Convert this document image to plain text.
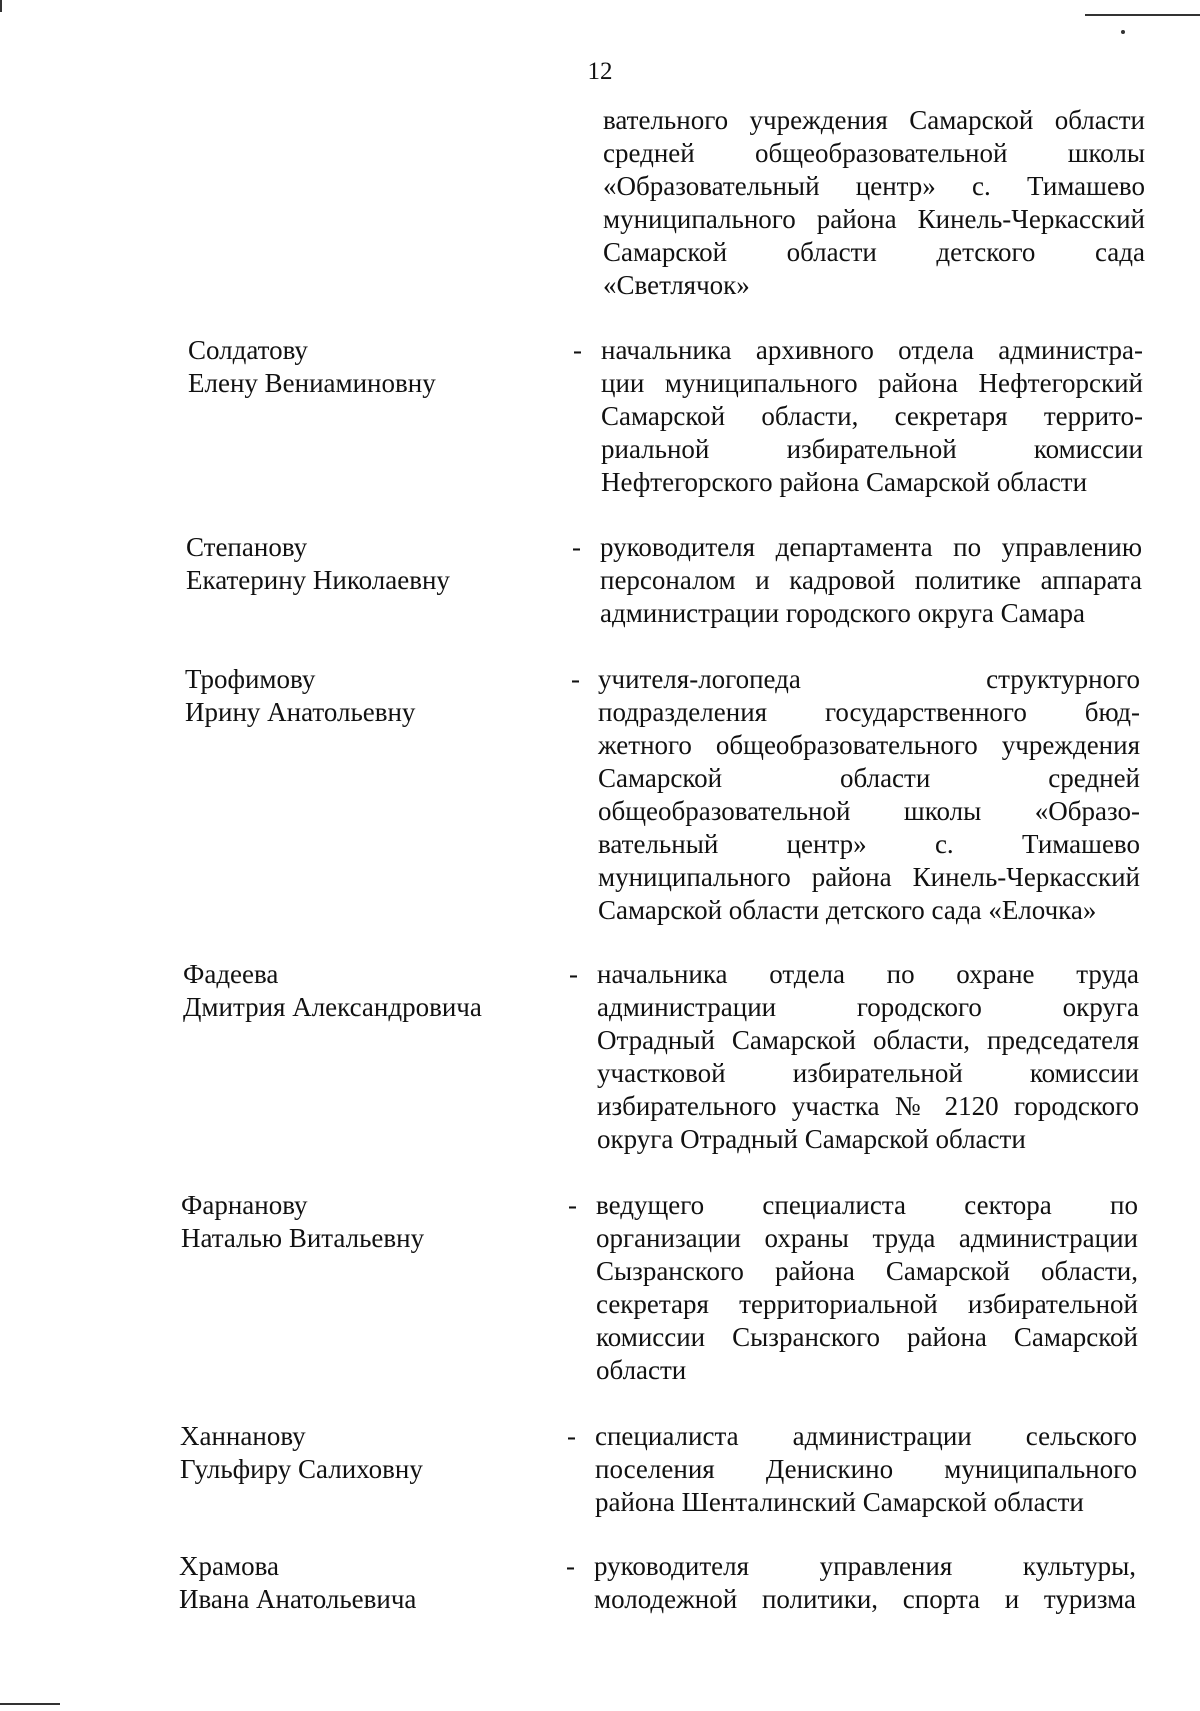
12
вательного учреждения Самарской области
средней общеобразовательной школы
«Образовательный центр» с. Тимашево
муниципального района Кинель-Черкасский
Самарской области детского сада
«Светлячок»
Солдатову
Елену Вениаминовну
- начальника архивного отдела администра-
ции муниципального района Нефтегорский
Самарской области, секретаря террито-
риальной избирательной комиссии
Нефтегорского района Самарской области
Степанову
Екатерину Николаевну
- руководителя департамента по управлению
персоналом и кадровой политике аппарата
администрации городского округа Самара
Трофимову
Ирину Анатольевну
- учителя-логопеда структурного
подразделения государственного бюд-
жетного общеобразовательного учреждения
Самарской области средней
общеобразовательной школы «Образо-
вательный центр» с. Тимашево
муниципального района Кинель-Черкасский
Самарской области детского сада «Елочка»
Фадеева
Дмитрия Александровича
- начальника отдела по охране труда
администрации городского округа
Отрадный Самарской области, председателя
участковой избирательной комиссии
избирательного участка № 2120 городского
округа Отрадный Самарской области
Фарнанову
Наталью Витальевну
- ведущего специалиста сектора по
организации охраны труда администрации
Сызранского района Самарской области,
секретаря территориальной избирательной
комиссии Сызранского района Самарской
области
Ханнанову
Гульфиру Салиховну
- специалиста администрации сельского
поселения Денискино муниципального
района Шенталинский Самарской области
Храмова
Ивана Анатольевича
- руководителя управления культуры,
молодежной политики, спорта и туризма
